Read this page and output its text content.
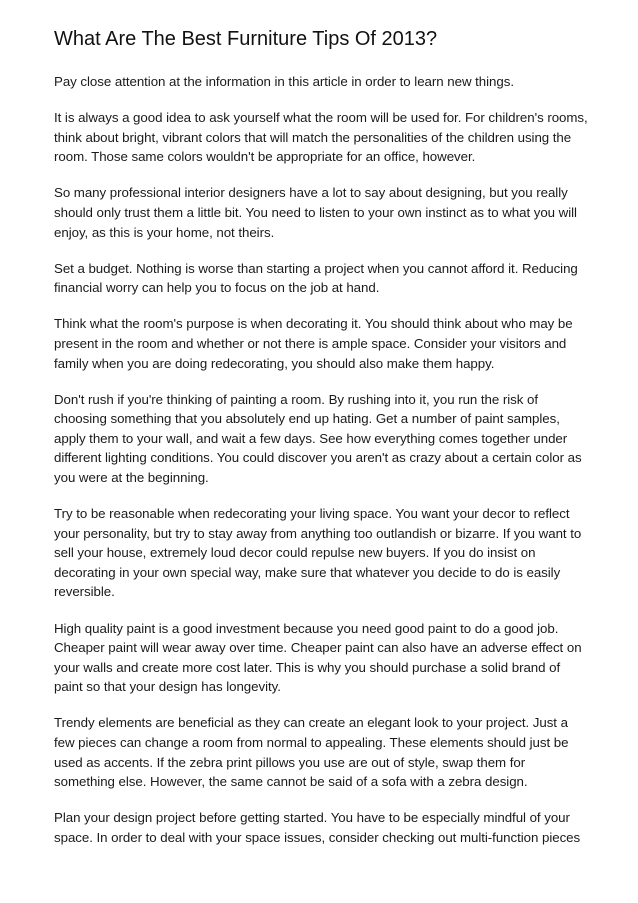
What Are The Best Furniture Tips Of 2013?

Pay close attention at the information in this article in order to learn new things.

It is always a good idea to ask yourself what the room will be used for. For children's rooms, think about bright, vibrant colors that will match the personalities of the children using the room. Those same colors wouldn't be appropriate for an office, however.

So many professional interior designers have a lot to say about designing, but you really should only trust them a little bit. You need to listen to your own instinct as to what you will enjoy, as this is your home, not theirs.

Set a budget. Nothing is worse than starting a project when you cannot afford it. Reducing financial worry can help you to focus on the job at hand.

Think what the room's purpose is when decorating it. You should think about who may be present in the room and whether or not there is ample space. Consider your visitors and family when you are doing redecorating, you should also make them happy.

Don't rush if you're thinking of painting a room. By rushing into it, you run the risk of choosing something that you absolutely end up hating. Get a number of paint samples, apply them to your wall, and wait a few days. See how everything comes together under different lighting conditions. You could discover you aren't as crazy about a certain color as you were at the beginning.

Try to be reasonable when redecorating your living space. You want your decor to reflect your personality, but try to stay away from anything too outlandish or bizarre. If you want to sell your house, extremely loud decor could repulse new buyers. If you do insist on decorating in your own special way, make sure that whatever you decide to do is easily reversible.

High quality paint is a good investment because you need good paint to do a good job. Cheaper paint will wear away over time. Cheaper paint can also have an adverse effect on your walls and create more cost later. This is why you should purchase a solid brand of paint so that your design has longevity.

Trendy elements are beneficial as they can create an elegant look to your project. Just a few pieces can change a room from normal to appealing. These elements should just be used as accents. If the zebra print pillows you use are out of style, swap them for something else. However, the same cannot be said of a sofa with a zebra design.

Plan your design project before getting started. You have to be especially mindful of your space. In order to deal with your space issues, consider checking out multi-function pieces
